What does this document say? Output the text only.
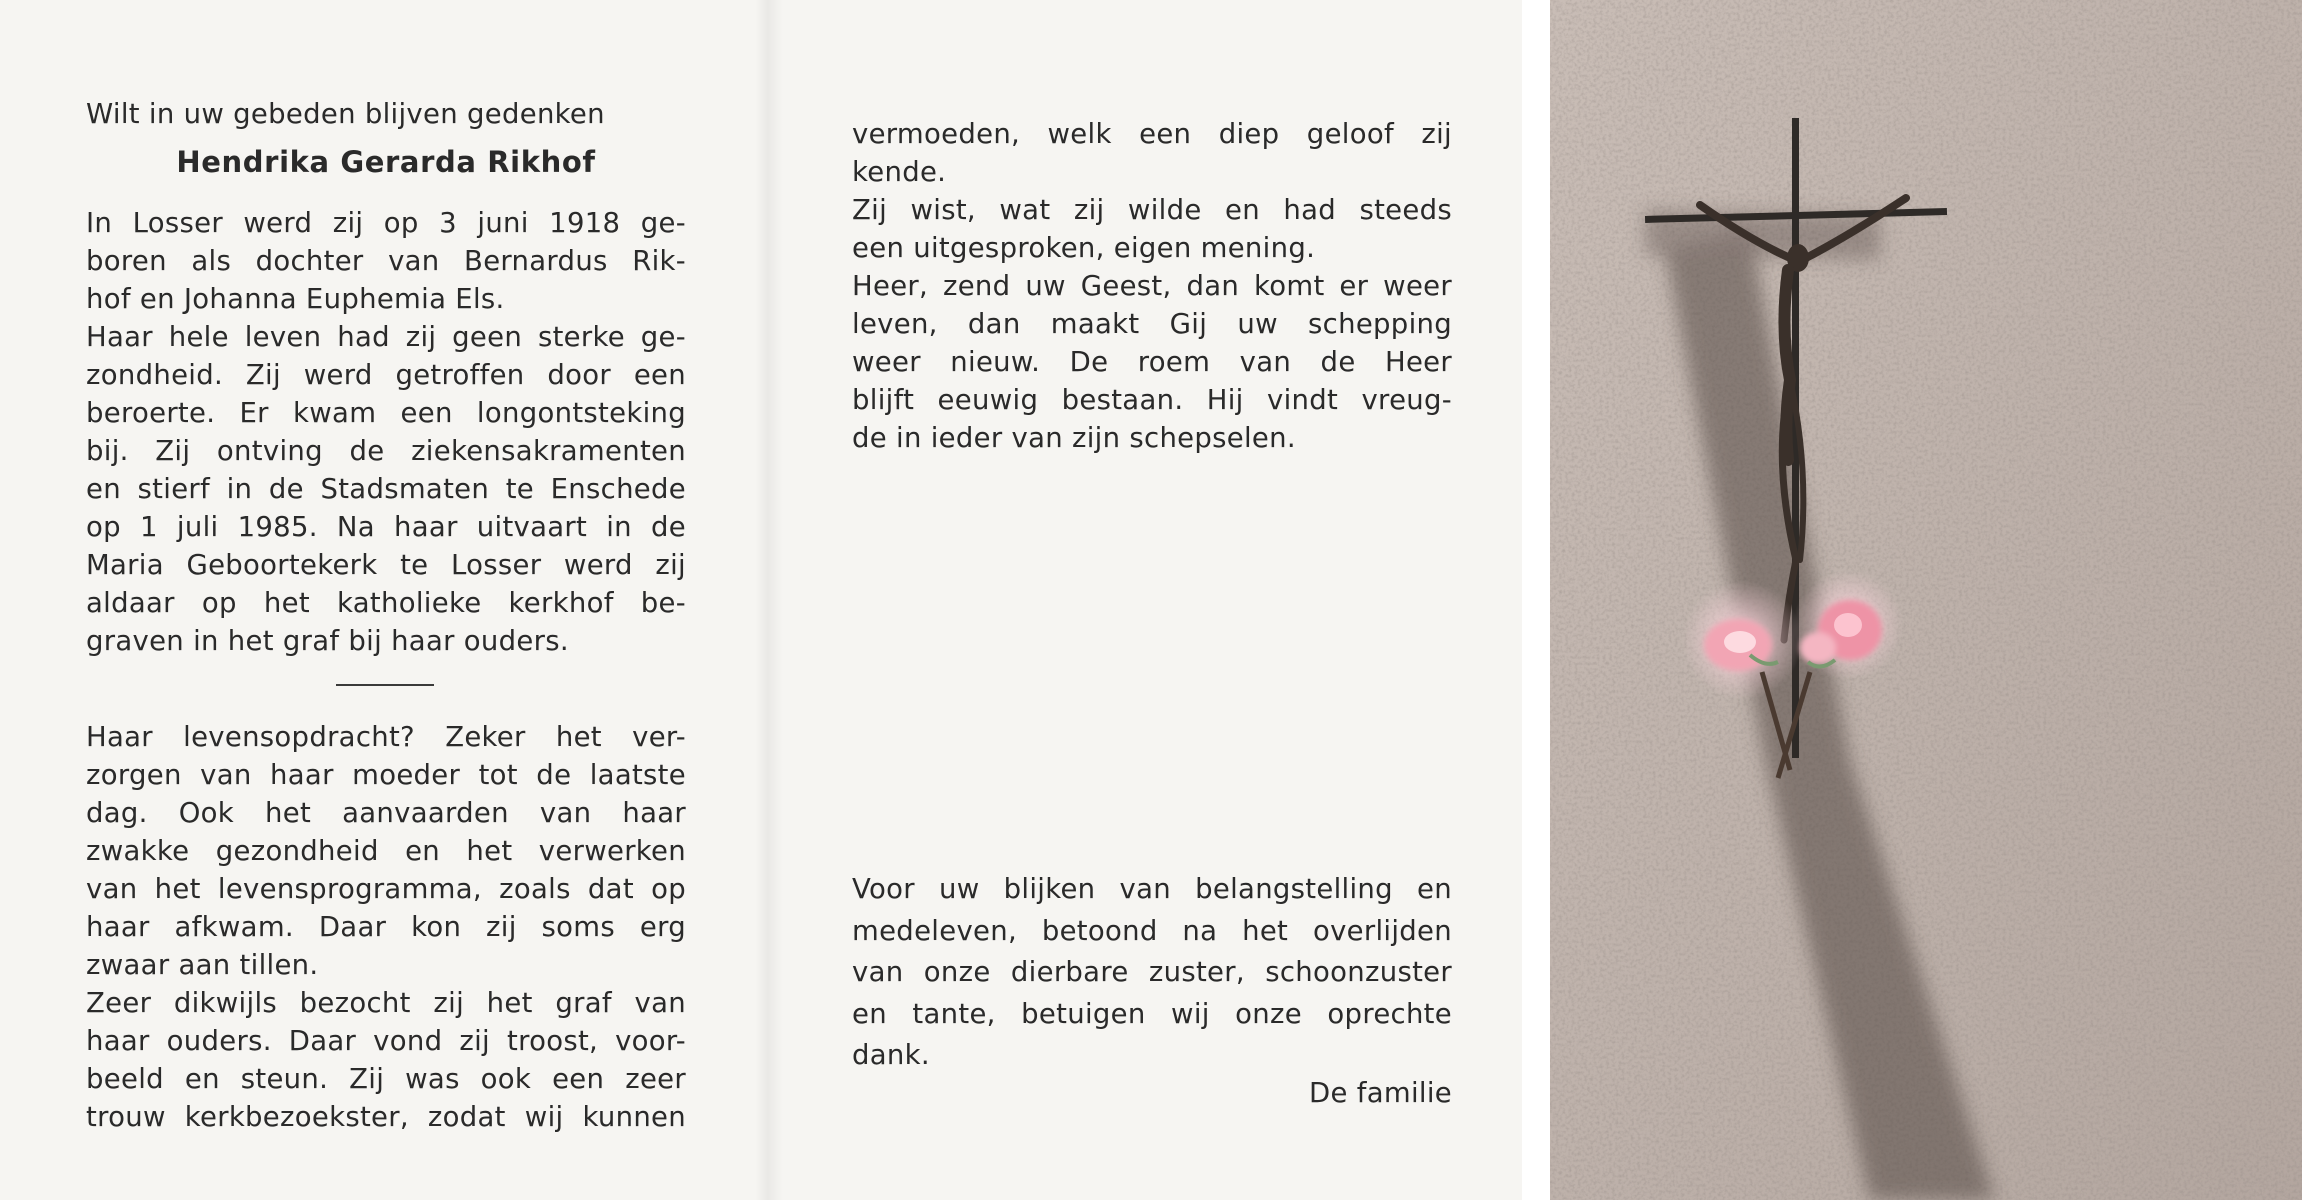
Wilt in uw gebeden blijven gedenken
Hendrika Gerarda Rikhof
In Losser werd zij op 3 juni 1918 ge-
boren als dochter van Bernardus Rik-
hof en Johanna Euphemia Els.
Haar hele leven had zij geen sterke ge-
zondheid. Zij werd getroffen door een
beroerte. Er kwam een longontsteking
bij. Zij ontving de ziekensakramenten
en stierf in de Stadsmaten te Enschede
op 1 juli 1985. Na haar uitvaart in de
Maria Geboortekerk te Losser werd zij
aldaar op het katholieke kerkhof be-
graven in het graf bij haar ouders.
Haar levensopdracht? Zeker het ver-
zorgen van haar moeder tot de laatste
dag. Ook het aanvaarden van haar
zwakke gezondheid en het verwerken
van het levensprogramma, zoals dat op
haar afkwam. Daar kon zij soms erg
zwaar aan tillen.
Zeer dikwijls bezocht zij het graf van
haar ouders. Daar vond zij troost, voor-
beeld en steun. Zij was ook een zeer
trouw kerkbezoekster, zodat wij kunnen
vermoeden, welk een diep geloof zij
kende.
Zij wist, wat zij wilde en had steeds
een uitgesproken, eigen mening.
Heer, zend uw Geest, dan komt er weer
leven, dan maakt Gij uw schepping
weer nieuw. De roem van de Heer
blijft eeuwig bestaan. Hij vindt vreug-
de in ieder van zijn schepselen.
Voor uw blijken van belangstelling en
medeleven, betoond na het overlijden
van onze dierbare zuster, schoonzuster
en tante, betuigen wij onze oprechte
dank.
De familie
